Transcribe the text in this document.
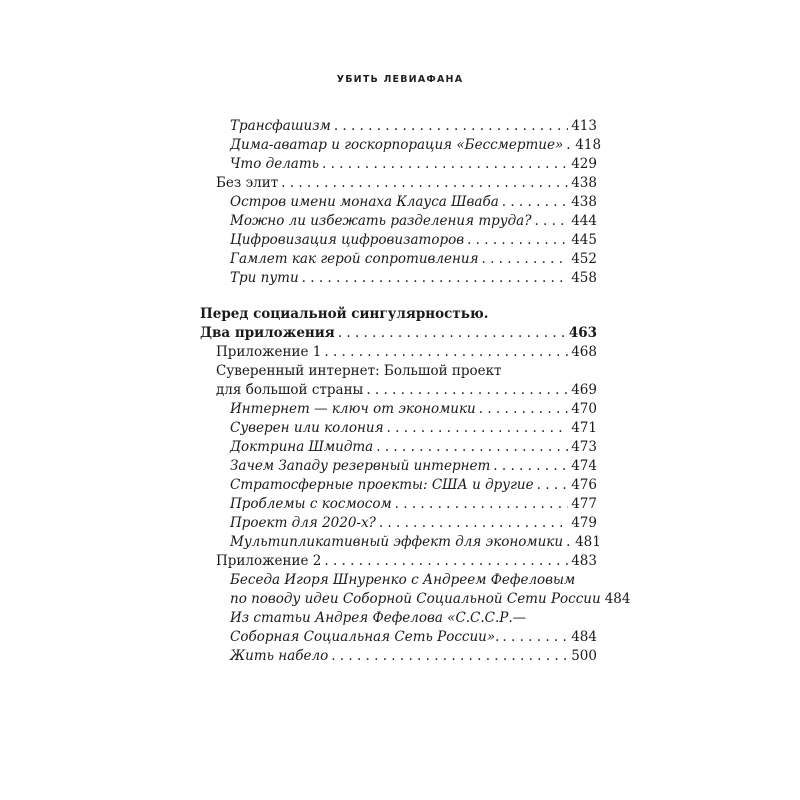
УБИТЬ ЛЕВИАФАНА
Трансфашизм . . .	413
Дима-аватар и госкорпорация «Бессмертие» . . . 418
Что делать . . .	429
Без элит . . .	438
Остров имени монаха Клауса Шваба . . .	438
Можно ли избежать разделения труда? . . .	444
Цифровизация цифровизаторов . . .	445
Гамлет как герой сопротивления . . .	452
Три пути . . .	458
Перед социальной сингулярностью.
Два приложения . . .	463
Приложение 1 . . .	468
Суверенный интернет: Большой проект
для большой страны . . .	469
Интернет — ключ от экономики . . .	470
Суверен или колония . . .	471
Доктрина Шмидта . . .	473
Зачем Западу резервный интернет . . .	474
Стратосферные проекты: США и другие . . .	476
Проблемы с космосом . . .	477
Проект для 2020-х? . . .	479
Мультипликативный эффект для экономики . . . 481
Приложение 2 . . .	483
Беседа Игоря Шнуренко с Андреем Фефеловым
по поводу идеи Соборной Социальной Сети России 484
Из статьи Андрея Фефелова «С.С.С.Р.—
Соборная Социальная Сеть России». . . .	484
Жить набело . . .	500
